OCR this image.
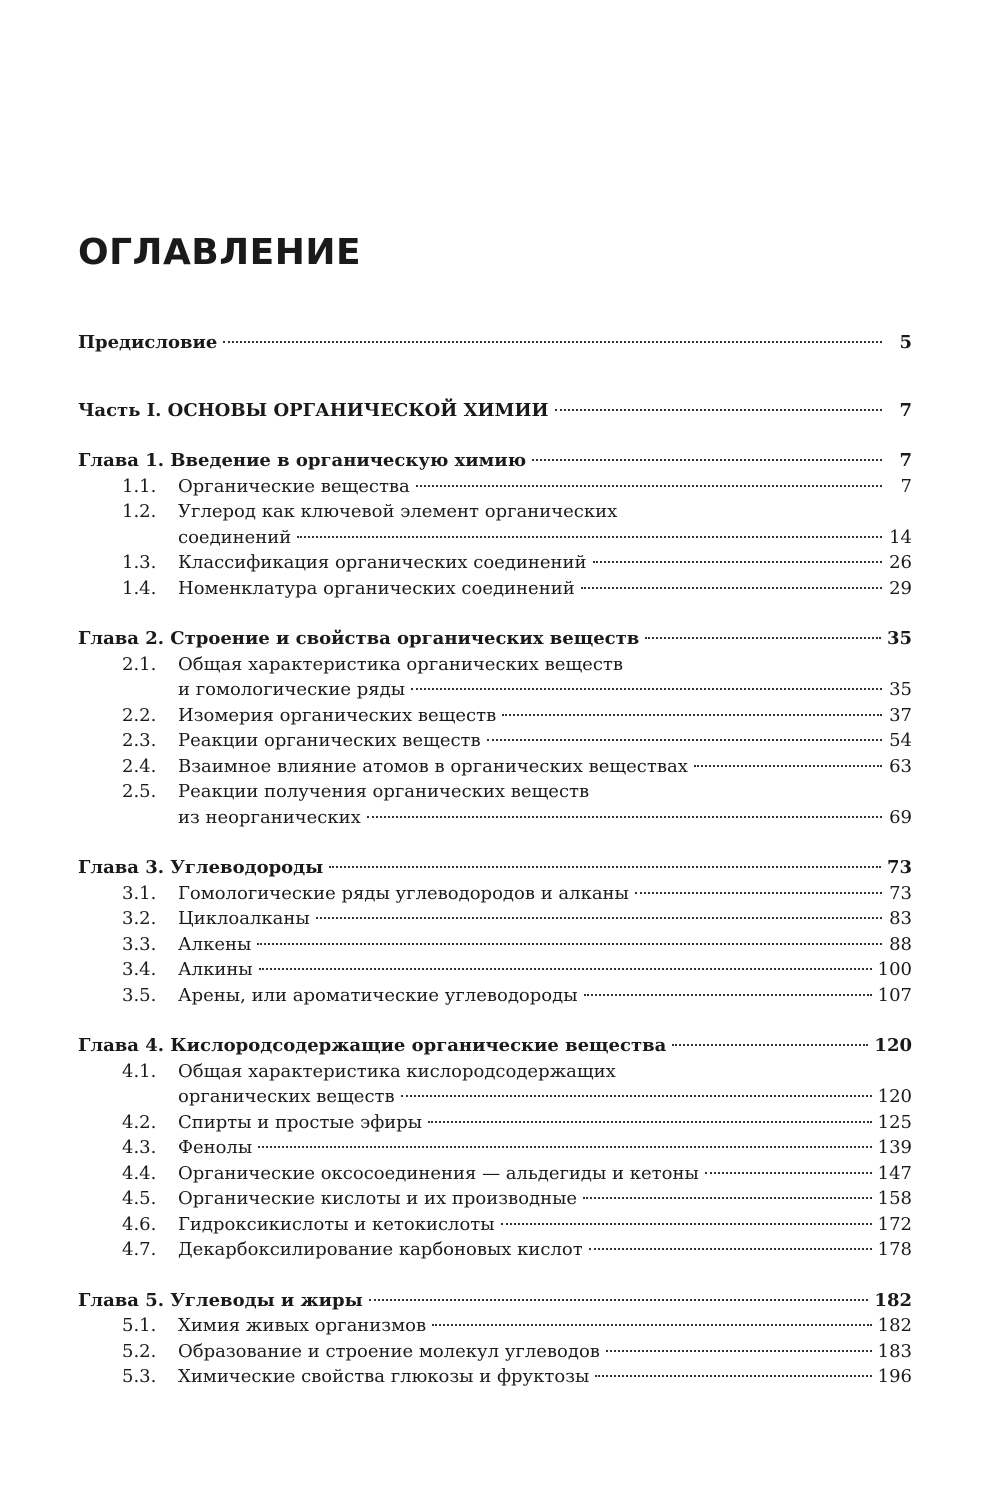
ОГЛАВЛЕНИЕ
Предисловие	5
Часть I. ОСНОВЫ ОРГАНИЧЕСКОЙ ХИМИИ	7
Глава 1. Введение в органическую химию	7
1.1.	Органические вещества	7
1.2.	Углерод как ключевой элемент органических
соединений	14
1.3.	Классификация органических соединений	26
1.4.	Номенклатура органических соединений	29
Глава 2. Строение и свойства органических веществ	35
2.1.	Общая характеристика органических веществ
и гомологические ряды	35
2.2.	Изомерия органических веществ	37
2.3.	Реакции органических веществ	54
2.4.	Взаимное влияние атомов в органических веществах	63
2.5.	Реакции получения органических веществ
из неорганических	69
Глава 3. Углеводороды	73
3.1.	Гомологические ряды углеводородов и алканы	73
3.2.	Циклоалканы	83
3.3.	Алкены	88
3.4.	Алкины	100
3.5.	Арены, или ароматические углеводороды	107
Глава 4. Кислородсодержащие органические вещества	120
4.1.	Общая характеристика кислородсодержащих
органических веществ	120
4.2.	Спирты и простые эфиры	125
4.3.	Фенолы	139
4.4.	Органические оксосоединения — альдегиды и кетоны	147
4.5.	Органические кислоты и их производные	158
4.6.	Гидроксикислоты и кетокислоты	172
4.7.	Декарбоксилирование карбоновых кислот	178
Глава 5. Углеводы и жиры	182
5.1.	Химия живых организмов	182
5.2.	Образование и строение молекул углеводов	183
5.3.	Химические свойства глюкозы и фруктозы	196
